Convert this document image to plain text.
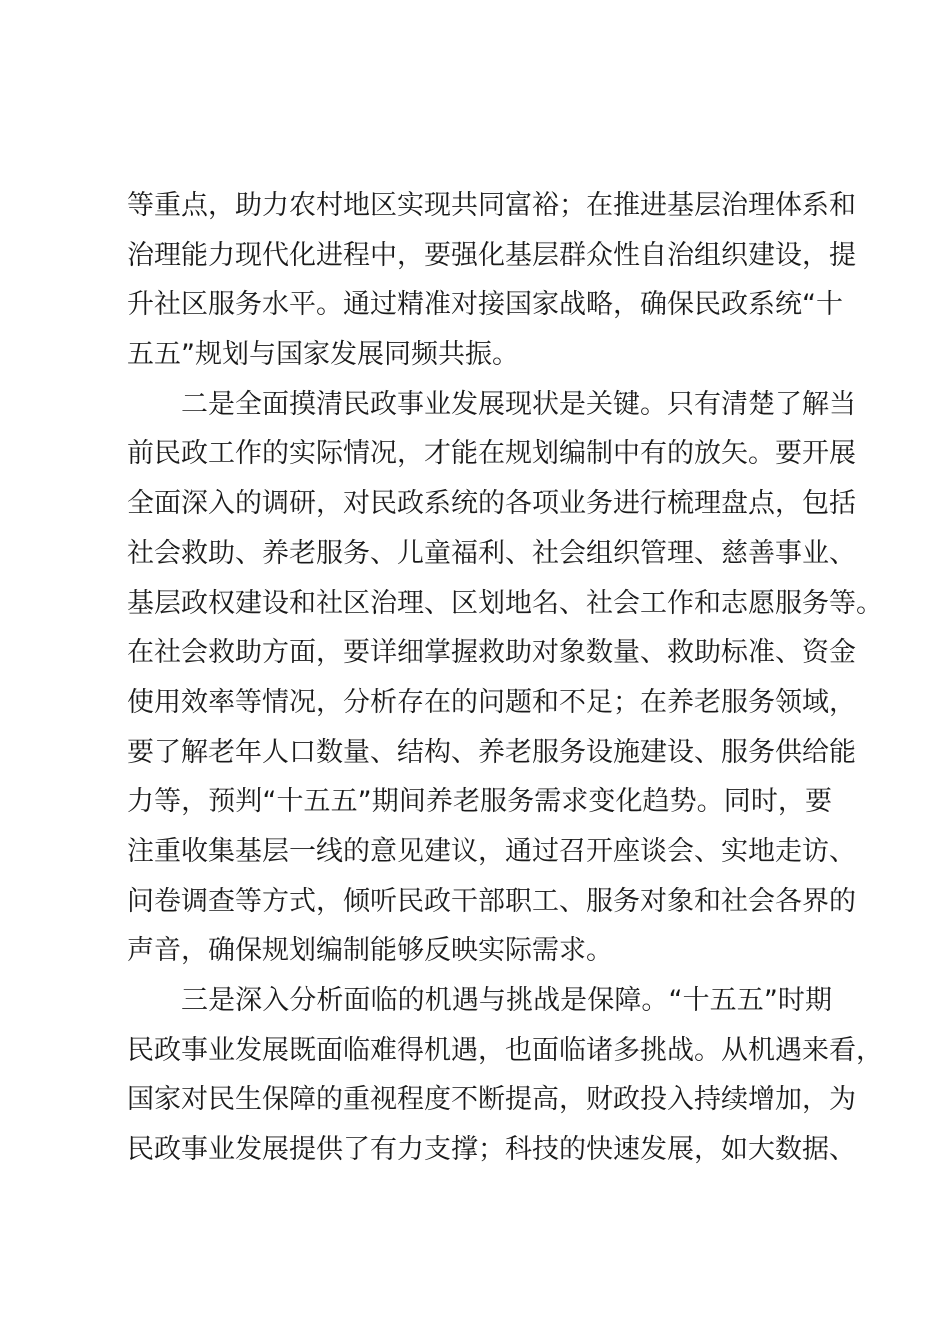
等重点，助力农村地区实现共同富裕；在推进基层治理体系和
治理能力现代化进程中，要强化基层群众性自治组织建设，提
升社区服务水平。通过精准对接国家战略，确保民政系统“十
五五”规划与国家发展同频共振。
二是全面摸清民政事业发展现状是关键。只有清楚了解当
前民政工作的实际情况，才能在规划编制中有的放矢。要开展
全面深入的调研，对民政系统的各项业务进行梳理盘点，包括
社会救助、养老服务、儿童福利、社会组织管理、慈善事业、
基层政权建设和社区治理、区划地名、社会工作和志愿服务等。
在社会救助方面，要详细掌握救助对象数量、救助标准、资金
使用效率等情况，分析存在的问题和不足；在养老服务领域，
要了解老年人口数量、结构、养老服务设施建设、服务供给能
力等，预判“十五五”期间养老服务需求变化趋势。同时，要
注重收集基层一线的意见建议，通过召开座谈会、实地走访、
问卷调查等方式，倾听民政干部职工、服务对象和社会各界的
声音，确保规划编制能够反映实际需求。
三是深入分析面临的机遇与挑战是保障。“十五五”时期
民政事业发展既面临难得机遇，也面临诸多挑战。从机遇来看，
国家对民生保障的重视程度不断提高，财政投入持续增加，为
民政事业发展提供了有力支撑；科技的快速发展，如大数据、
